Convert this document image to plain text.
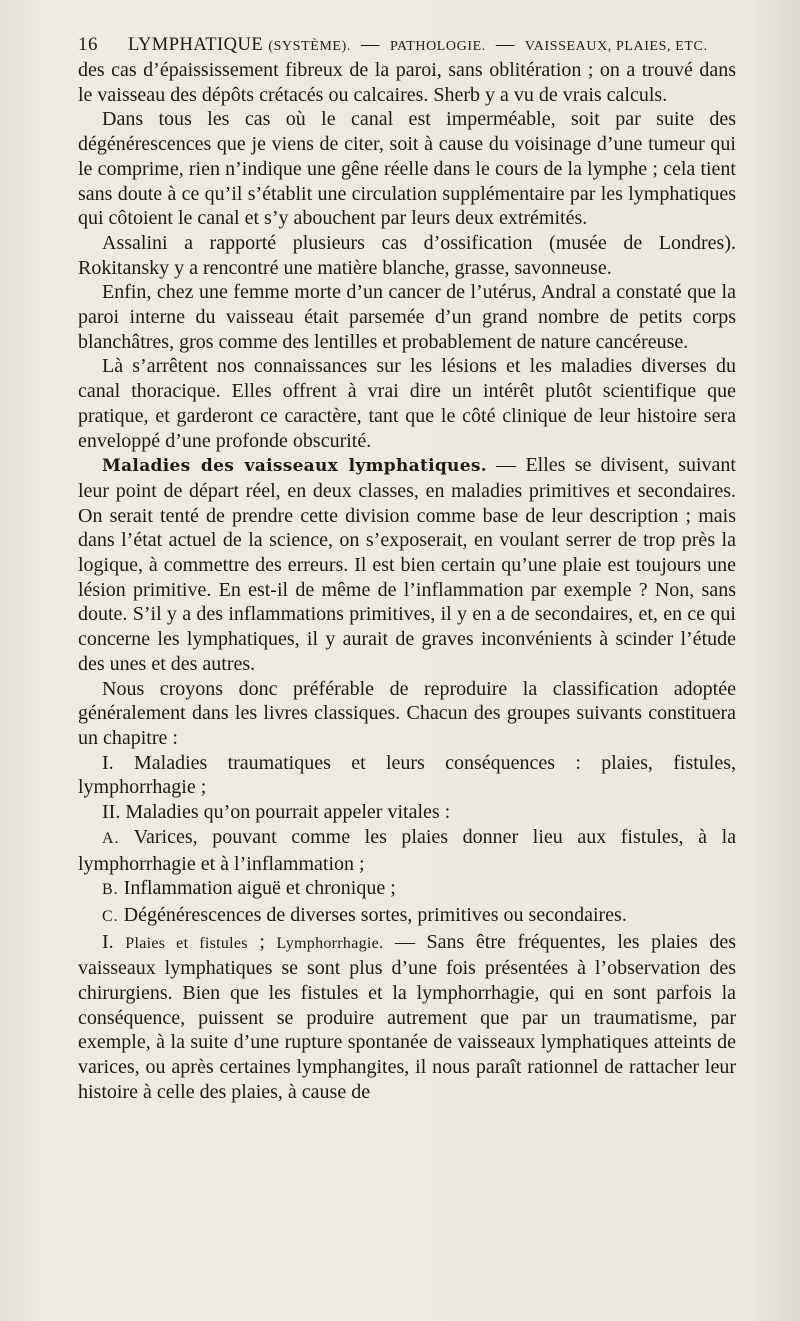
16 LYMPHATIQUE
(SYSTÈME). — PATHOLOGIE. — VAISSEAUX, PLAIES, ETC.

des cas d’épaississement fibreux de la paroi, sans oblitération ; on a trouvé dans le vaisseau des dépôts crétacés ou calcaires. Sherb y a vu de vrais calculs.

Dans tous les cas où le canal est imperméable, soit par suite des dégénérescences que je viens de citer, soit à cause du voisinage d’une tumeur qui le comprime, rien n’indique une gêne réelle dans le cours de la lymphe ; cela tient sans doute à ce qu’il s’établit une circulation supplémentaire par les lymphatiques qui côtoient le canal et s’y abouchent par leurs deux extrémités.

Assalini a rapporté plusieurs cas d’ossification (musée de Londres). Rokitansky y a rencontré une matière blanche, grasse, savonneuse.

Enfin, chez une femme morte d’un cancer de l’utérus, Andral a constaté que la paroi interne du vaisseau était parsemée d’un grand nombre de petits corps blanchâtres, gros comme des lentilles et probablement de nature cancéreuse.

Là s’arrêtent nos connaissances sur les lésions et les maladies diverses du canal thoracique. Elles offrent à vrai dire un intérêt plutôt scientifique que pratique, et garderont ce caractère, tant que le côté clinique de leur histoire sera enveloppé d’une profonde obscurité.

Maladies des vaisseaux lymphatiques. — Elles se divisent, suivant leur point de départ réel, en deux classes, en maladies primitives et secondaires. On serait tenté de prendre cette division comme base de leur description ; mais dans l’état actuel de la science, on s’exposerait, en voulant serrer de trop près la logique, à commettre des erreurs. Il est bien certain qu’une plaie est toujours une lésion primitive. En est-il de même de l’inflammation par exemple ? Non, sans doute. S’il y a des inflammations primitives, il y en a de secondaires, et, en ce qui concerne les lymphatiques, il y aurait de graves inconvénients à scinder l’étude des unes et des autres.

Nous croyons donc préférable de reproduire la classification adoptée généralement dans les livres classiques. Chacun des groupes suivants constituera un chapitre :

I. Maladies traumatiques et leurs conséquences : plaies, fistules, lymphorrhagie ;

II. Maladies qu’on pourrait appeler vitales :

A. Varices, pouvant comme les plaies donner lieu aux fistules, à la lymphorrhagie et à l’inflammation ;

B. Inflammation aiguë et chronique ;

C. Dégénérescences de diverses sortes, primitives ou secondaires.

I. Plaies et fistules ; Lymphorrhagie. — Sans être fréquentes, les plaies des vaisseaux lymphatiques se sont plus d’une fois présentées à l’observation des chirurgiens. Bien que les fistules et la lymphorrhagie, qui en sont parfois la conséquence, puissent se produire autrement que par un traumatisme, par exemple, à la suite d’une rupture spontanée de vaisseaux lymphatiques atteints de varices, ou après certaines lymphangites, il nous paraît rationnel de rattacher leur histoire à celle des plaies, à cause de
